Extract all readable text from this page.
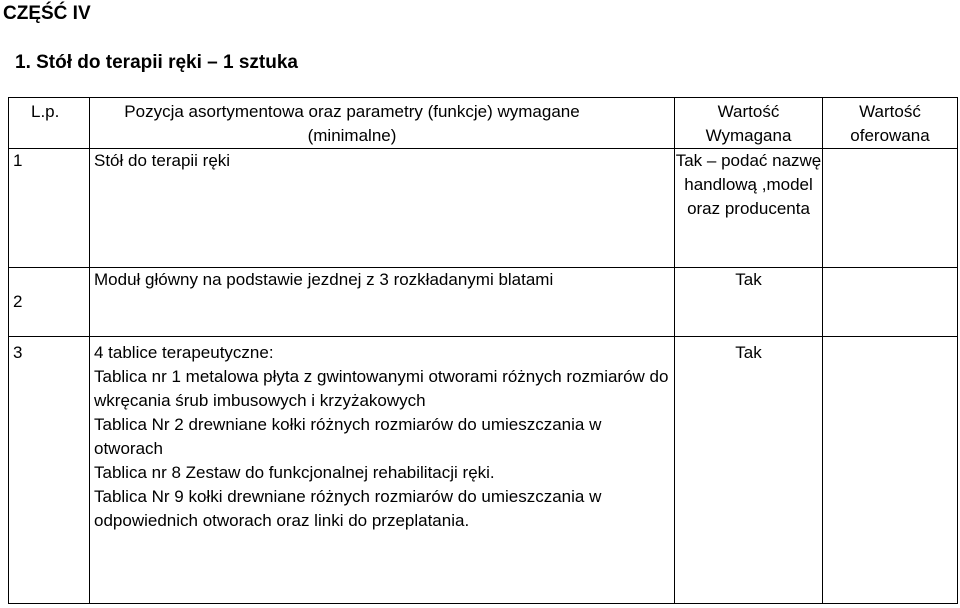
CZĘŚĆ IV

1. Stół do terapii ręki – 1 sztuka

L.p.	Pozycja asortymentowa oraz parametry (funkcje) wymagane (minimalne)	Wartość Wymagana	Wartość oferowana
1	Stół do terapii ręki	Tak – podać nazwę handlową ,model oraz producenta	
2	Moduł główny na podstawie jezdnej z 3 rozkładanymi blatami	Tak	
3	4 tablice terapeutyczne:
Tablica nr 1 metalowa płyta z gwintowanymi otworami różnych rozmiarów do wkręcania śrub imbusowych i krzyżakowych
Tablica Nr 2 drewniane kołki różnych rozmiarów do umieszczania w otworach
Tablica nr 8 Zestaw do funkcjonalnej rehabilitacji ręki.
Tablica Nr 9 kołki drewniane różnych rozmiarów do umieszczania w odpowiednich otworach oraz linki do przeplatania.	Tak	
